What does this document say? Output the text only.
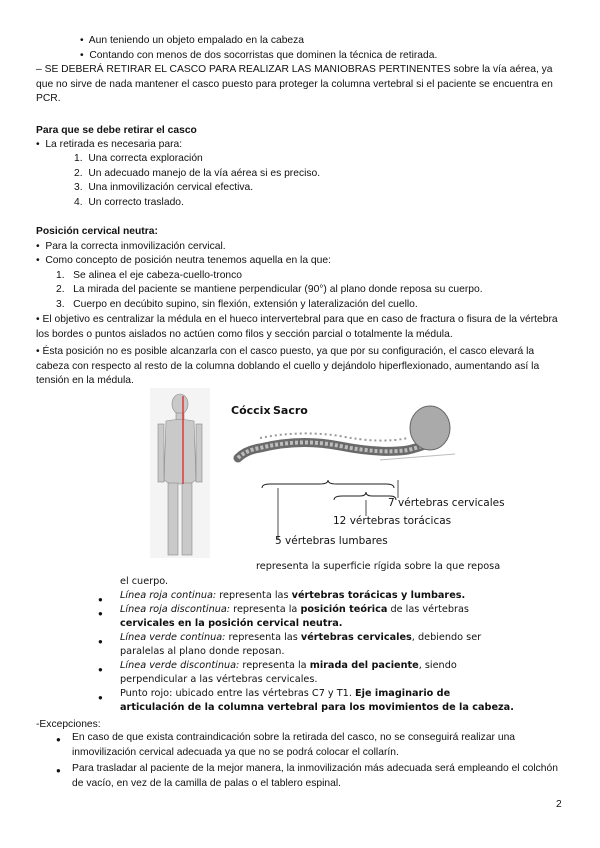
•  Aun teniendo un objeto empalado en la cabeza
•  Contando con menos de dos socorristas que dominen la técnica de retirada.
– SE DEBERÁ RETIRAR EL CASCO PARA REALIZAR LAS MANIOBRAS PERTINENTES sobre la vía aérea, ya que no sirve de nada mantener el casco puesto para proteger la columna vertebral si el paciente se encuentra en PCR.
Para que se debe retirar el casco
•  La retirada es necesaria para:
1.  Una correcta exploración
2.  Un adecuado manejo de la vía aérea si es preciso.
3.  Una inmovilización cervical efectiva.
4.  Un correcto traslado.
Posición cervical neutra:
•  Para la correcta inmovilización cervical.
•  Como concepto de posición neutra tenemos aquella en la que:
1.   Se alinea el eje cabeza-cuello-tronco
2.   La mirada del paciente se mantiene perpendicular (90°) al plano donde reposa su cuerpo.
3.   Cuerpo en decúbito supino, sin flexión, extensión y lateralización del cuello.
• El objetivo es centralizar la médula en el hueco intervertebral para que en caso de fractura o fisura de la vértebra los bordes o puntos aislados no actúen como filos y sección parcial o totalmente la médula.
• Ésta posición no es posible alcanzarla con el casco puesto, ya que por su configuración, el casco elevará la cabeza con respecto al resto de la columna doblando el cuello y dejándolo hiperflexionado, aumentando así la tensión en la médula.
Cóccix Sacro
7 vértebras cervicales
12 vértebras torácicas
5 vértebras lumbares
representa la superficie rígida sobre la que reposa
el cuerpo.
● Línea roja continua: representa las vértebras torácicas y lumbares.
● Línea roja discontinua: representa la posición teórica de las vértebras
cervicales en la posición cervical neutra.
● Línea verde continua: representa las vértebras cervicales, debiendo ser
paralelas al plano donde reposan.
● Línea verde discontinua: representa la mirada del paciente, siendo
perpendicular a las vértebras cervicales.
● Punto rojo: ubicado entre las vértebras C7 y T1. Eje imaginario de
articulación de la columna vertebral para los movimientos de la cabeza.
-Excepciones:
● En caso de que exista contraindicación sobre la retirada del casco, no se conseguirá realizar una inmovilización cervical adecuada ya que no se podrá colocar el collarín.
● Para trasladar al paciente de la mejor manera, la inmovilización más adecuada será empleando el colchón de vacío, en vez de la camilla de palas o el tablero espinal.
2
